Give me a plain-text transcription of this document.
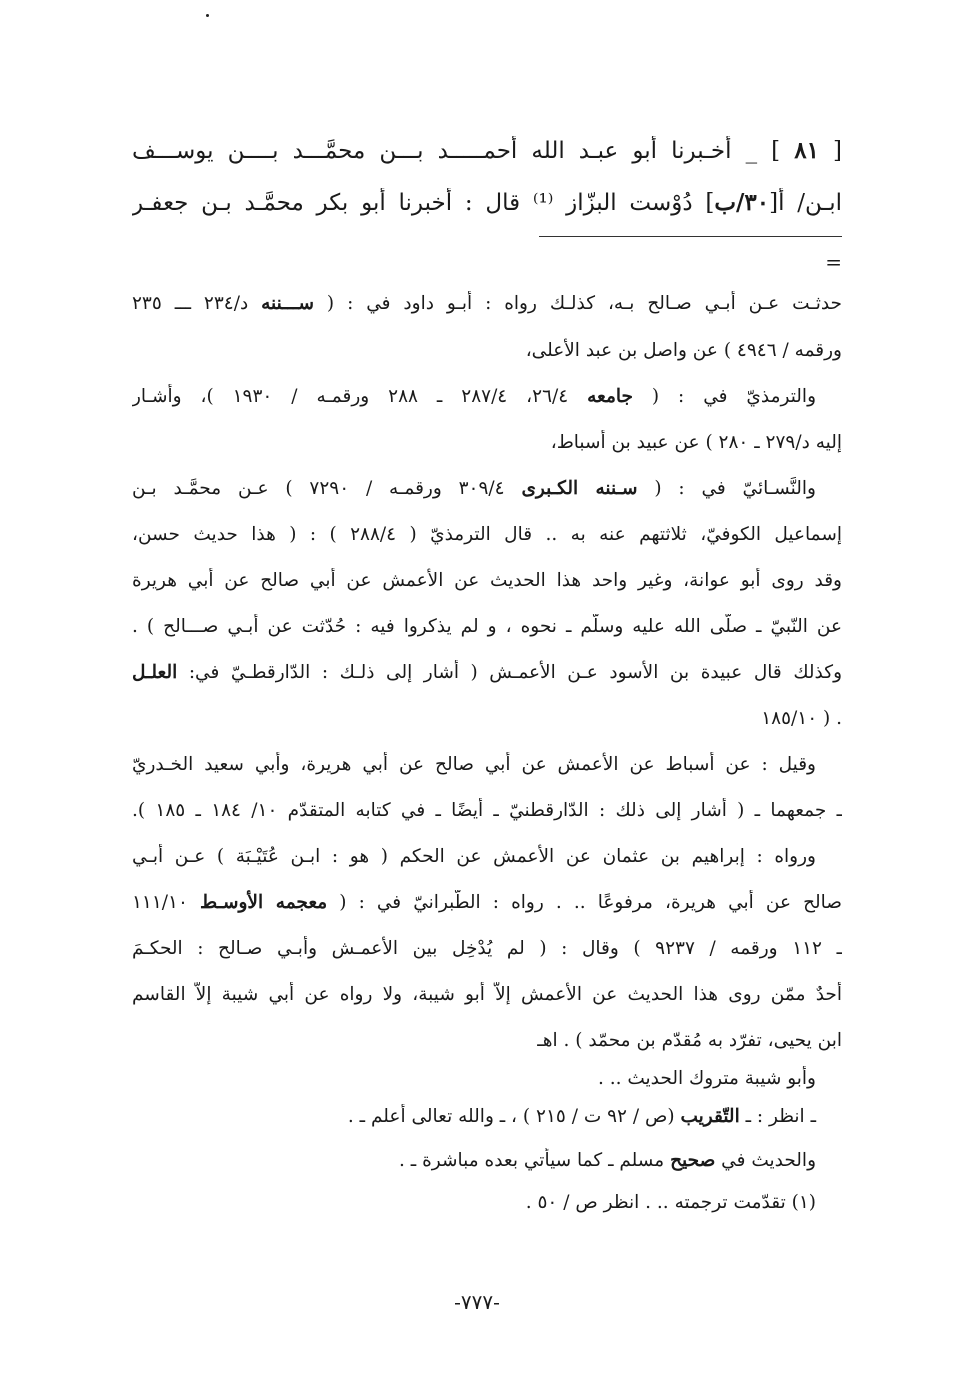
[ ٨١ ] _ أخـبرنا أبو عبـد الله أحمـــــد بـــن محمَّـــد بــــن يوســـف
ابـن/ أ[٣٠/ب] دُوْست البزّاز ⁽¹⁾ قال : أخبرنا أبو بكر محمَّـد بـن جعفـر
=
حدثـت عـن أبـي صـالح بـه، كذلـك رواه : أبـو داود في : ( ســـننه د/٢٣٤ ـــ ٢٣٥
ورقمه / ٤٩٤٦ ) عن واصل بن عبد الأعلى،
والترمذيّ في : ( جامعه ٢٦/٤، ٢٨٧/٤ ـ ٢٨٨ ورقمـه / ١٩٣٠ )، وأشـار
إليه د/٢٧٩ ـ ٢٨٠ ) عن عبيد بن أسباط،
والنَّسـائيّ في : ( سـننه الكـبرى ٣٠٩/٤ ورقمـه / ٧٢٩٠ ) عـن محمَّـد بـن
إسماعيل الكوفيّ، ثلاثتهم عنه به .. قال الترمذيّ ( ٢٨٨/٤ ) : ( هذا حديث حسن،
وقد روى أبو عوانة، وغير واحد هذا الحديث عن الأعمش عن أبي صالح عن أبي هريرة
عن النّبيّ ـ صلّى الله عليه وسلّم ـ نحوه ، و لم يذكروا فيه : حُدّثت عن أبـي صـــالح ) .
وكذلك قال عبيدة بن الأسود عـن الأعمـش ( أشار إلى ذلـك : الدّارقطـيّ في: العلـل
. ( ١٨٥/١٠
وقيل : عن أسباط عن الأعمش عن أبي صالح عن أبي هريرة، وأبي سعيد الخـدريّ
ـ جمعهما ـ ( أشار إلى ذلك : الدّارقطنيّ ـ أيضًا ـ في كتابه المتقدّم ١٠/ ١٨٤ ـ ١٨٥ ).
ورواه : إبراهيم بن عثمان عن الأعمش عن الحكم ( هو : ابـن عُتَيْـبَة ) عـن أبـي
صالح عن أبي هريرة، مرفوعًا .. . رواه : الطّبرانيّ في : ( معجمه الأوسـط ١١١/١٠
ـ ١١٢ ورقمه / ٩٢٣٧ ) وقال : ( لم يُدْخِل بين الأعمـش وأبـي صـالح : الحكـمَ
أحدٌ ممّن روى هذا الحديث عن الأعمش إلاّ أبو شيبة، ولا رواه عن أبي شيبة إلاّ القاسم
ابن يحيى، تفرّد به مُقدّم بن محمّد ) . اهـ
وأبو شيبة متروك الحديث .. .
ـ انظر : ـ التّقريب (ص / ٩٢ ت / ٢١٥ ) ، ـ والله تعالى أعلم ـ .
والحديث في صحيح مسلم ـ كما سيأتي بعده مباشرة ـ .
(١) تقدّمت ترجمته .. . انظر ص / ٥٠ .
-٧٧٧-
